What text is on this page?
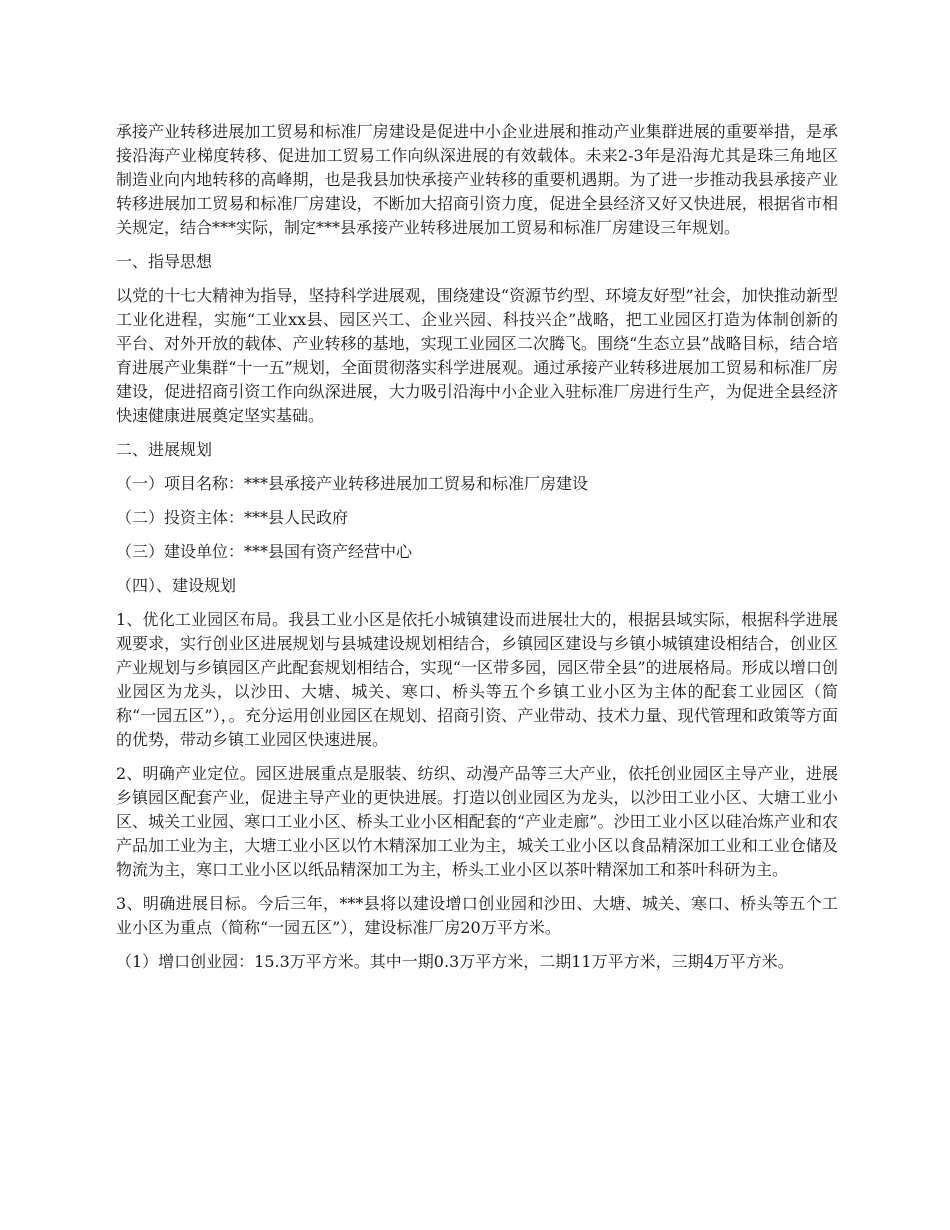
承接产业转移进展加工贸易和标准厂房建设是促进中小企业进展和推动产业集群进展的重要举措，是承接沿海产业梯度转移、促进加工贸易工作向纵深进展的有效载体。未来2-3年是沿海尤其是珠三角地区制造业向内地转移的高峰期，也是我县加快承接产业转移的重要机遇期。为了进一步推动我县承接产业转移进展加工贸易和标准厂房建设，不断加大招商引资力度，促进全县经济又好又快进展，根据省市相关规定，结合***实际，制定***县承接产业转移进展加工贸易和标准厂房建设三年规划。

一、指导思想

以党的十七大精神为指导，坚持科学进展观，围绕建设“资源节约型、环境友好型”社会，加快推动新型工业化进程，实施“工业xx县、园区兴工、企业兴园、科技兴企”战略，把工业园区打造为体制创新的平台、对外开放的载体、产业转移的基地，实现工业园区二次腾飞。围绕“生态立县”战略目标，结合培育进展产业集群“十一五”规划，全面贯彻落实科学进展观。通过承接产业转移进展加工贸易和标准厂房建设，促进招商引资工作向纵深进展，大力吸引沿海中小企业入驻标准厂房进行生产，为促进全县经济快速健康进展奠定坚实基础。

二、进展规划

（一）项目名称：***县承接产业转移进展加工贸易和标准厂房建设

（二）投资主体：***县人民政府

（三）建设单位：***县国有资产经营中心

（四）、建设规划

1、优化工业园区布局。我县工业小区是依托小城镇建设而进展壮大的，根据县域实际，根据科学进展观要求，实行创业区进展规划与县城建设规划相结合，乡镇园区建设与乡镇小城镇建设相结合，创业区产业规划与乡镇园区产此配套规划相结合，实现“一区带多园，园区带全县”的进展格局。形成以增口创业园区为龙头，以沙田、大塘、城关、寒口、桥头等五个乡镇工业小区为主体的配套工业园区（简称“一园五区”），。充分运用创业园区在规划、招商引资、产业带动、技术力量、现代管理和政策等方面的优势，带动乡镇工业园区快速进展。

2、明确产业定位。园区进展重点是服装、纺织、动漫产品等三大产业，依托创业园区主导产业，进展乡镇园区配套产业，促进主导产业的更快进展。打造以创业园区为龙头，以沙田工业小区、大塘工业小区、城关工业园、寒口工业小区、桥头工业小区相配套的“产业走廊”。沙田工业小区以硅冶炼产业和农产品加工业为主，大塘工业小区以竹木精深加工业为主，城关工业小区以食品精深加工业和工业仓储及物流为主，寒口工业小区以纸品精深加工为主，桥头工业小区以茶叶精深加工和茶叶科研为主。

3、明确进展目标。今后三年，***县将以建设增口创业园和沙田、大塘、城关、寒口、桥头等五个工业小区为重点（简称“一园五区”），建设标准厂房20万平方米。

（1）增口创业园：15.3万平方米。其中一期0.3万平方米，二期11万平方米，三期4万平方米。
